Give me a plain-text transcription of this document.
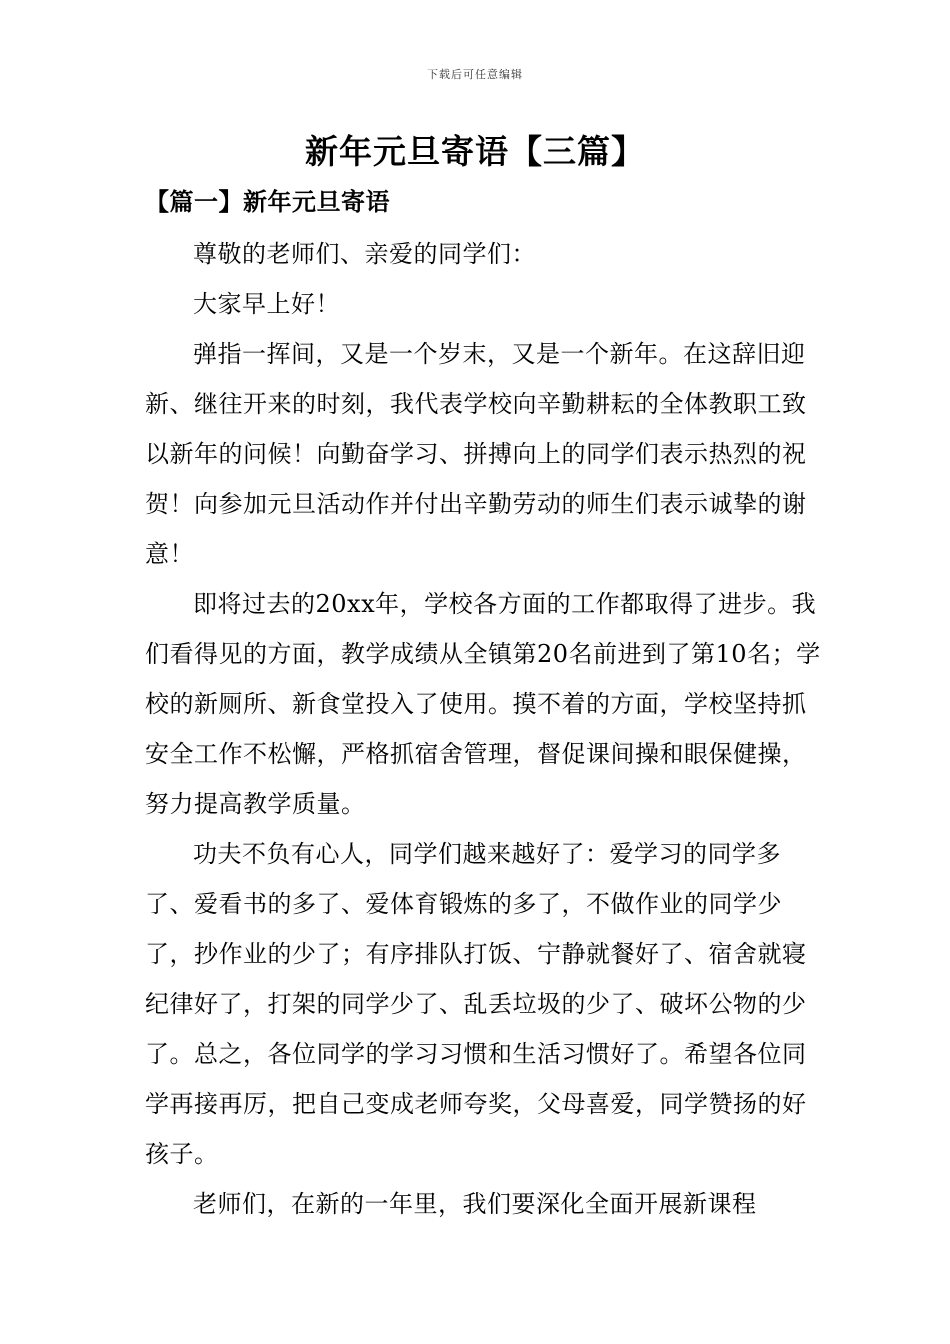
下载后可任意编辑
新年元旦寄语【三篇】
【篇一】新年元旦寄语

尊敬的老师们、亲爱的同学们：

大家早上好！

弹指一挥间，又是一个岁末，又是一个新年。在这辞旧迎新、继往开来的时刻，我代表学校向辛勤耕耘的全体教职工致以新年的问候！向勤奋学习、拼搏向上的同学们表示热烈的祝贺！向参加元旦活动作并付出辛勤劳动的师生们表示诚挚的谢意！

即将过去的20xx年，学校各方面的工作都取得了进步。我们看得见的方面，教学成绩从全镇第20名前进到了第10名；学校的新厕所、新食堂投入了使用。摸不着的方面，学校坚持抓安全工作不松懈，严格抓宿舍管理，督促课间操和眼保健操，努力提高教学质量。

功夫不负有心人，同学们越来越好了：爱学习的同学多了、爱看书的多了、爱体育锻炼的多了，不做作业的同学少了，抄作业的少了；有序排队打饭、宁静就餐好了、宿舍就寝纪律好了，打架的同学少了、乱丢垃圾的少了、破坏公物的少了。总之，各位同学的学习习惯和生活习惯好了。希望各位同学再接再厉，把自己变成老师夸奖，父母喜爱，同学赞扬的好孩子。

老师们，在新的一年里，我们要深化全面开展新课程
